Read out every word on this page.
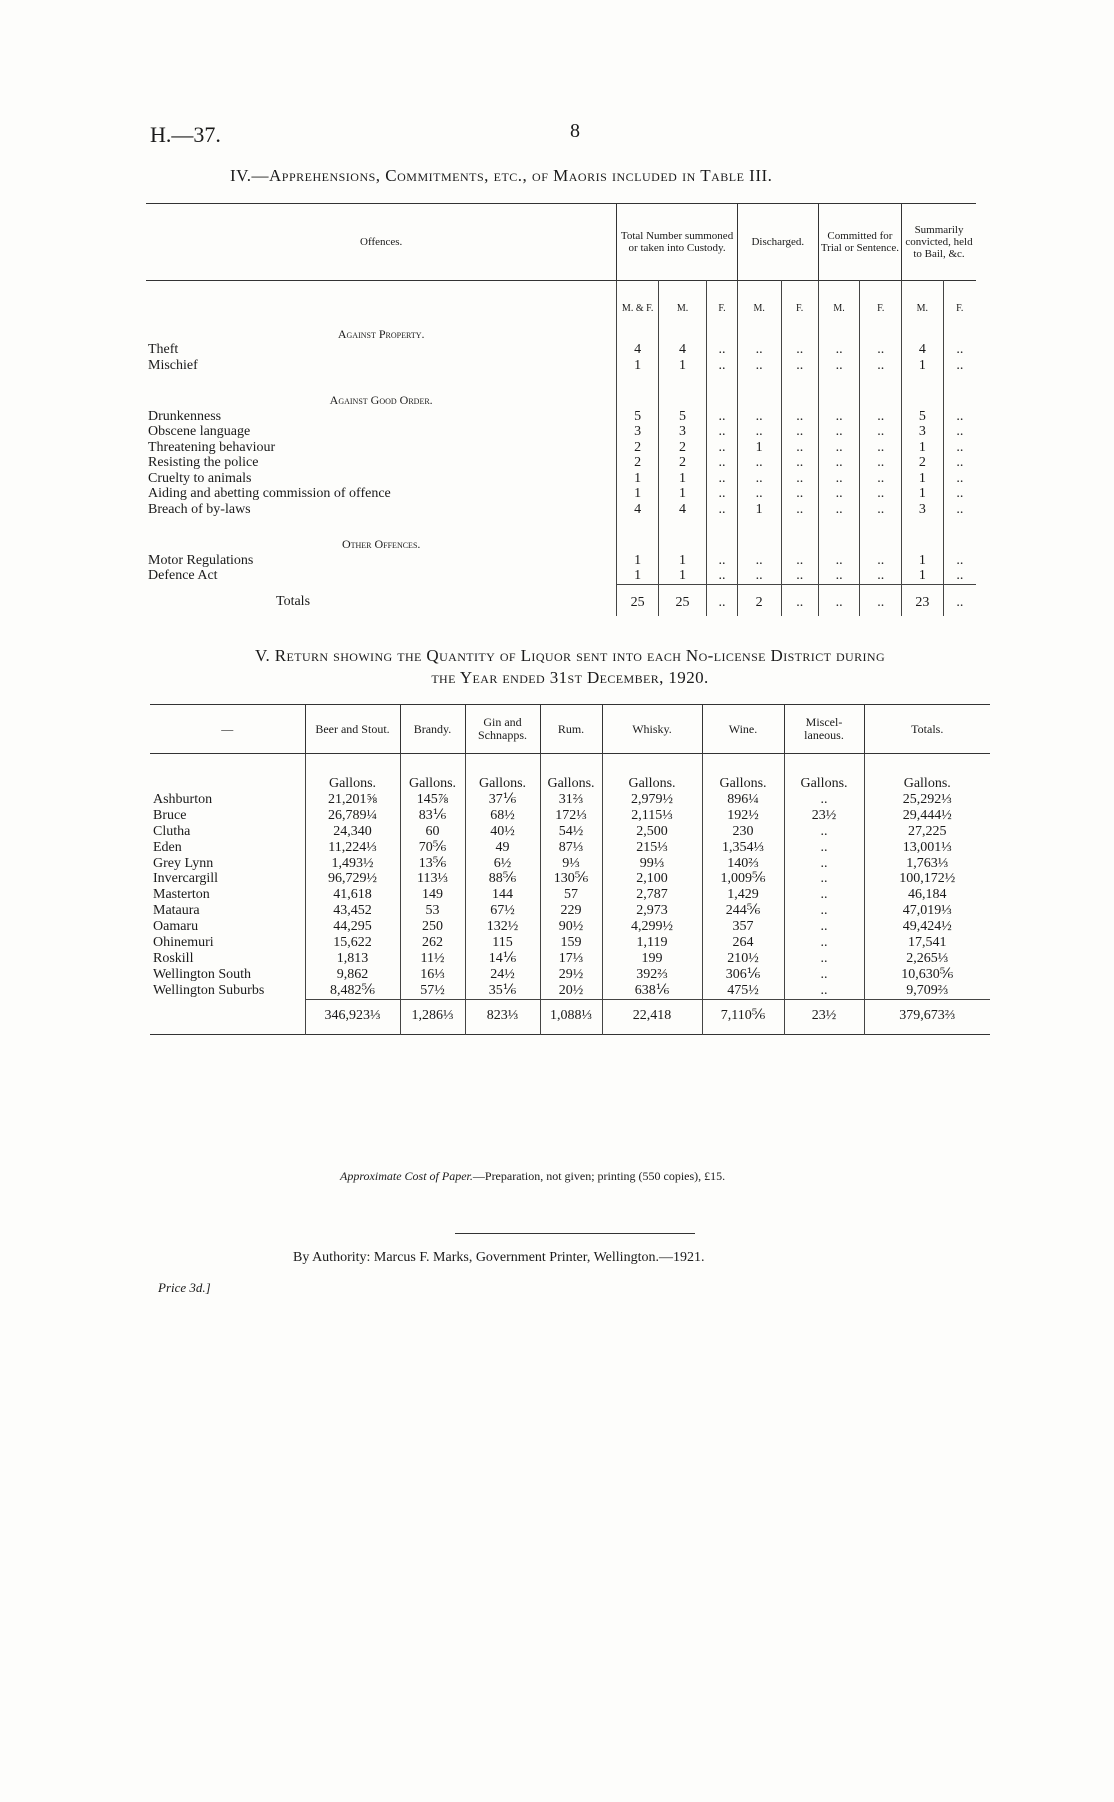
H.—37.	8
IV.—Apprehensions, Commitments, etc., of Maoris included in Table III.
Offences.	Total Number summoned or taken into Custody.			Discharged.		Committed for Trial or Sentence.		Summarily convicted, held to Bail, &c.	
	M. & F.	M.	F.	M.	F.	M.	F.	M.	F.
Against Property.									
Theft	4	4	..	..	..	..	..	4	..
Mischief	1	1	..	..	..	..	..	1	..

Against Good Order.									
Drunkenness	5	5	..	..	..	..	..	5	..
Obscene language	3	3	..	..	..	..	..	3	..
Threatening behaviour	2	2	..	1	..	..	..	1	..
Resisting the police	2	2	..	..	..	..	..	2	..
Cruelty to animals	1	1	..	..	..	..	..	1	..
Aiding and abetting commission of offence	1	1	..	..	..	..	..	1	..
Breach of by-laws	4	4	..	1	..	..	..	3	..

Other Offences.									
Motor Regulations	1	1	..	..	..	..	..	1	..
Defence Act	1	1	..	..	..	..	..	1	..
Totals	25	25	..	2	..	..	..	23	..
V. Return showing the Quantity of Liquor sent into each No-license District during
the Year ended 31st December, 1920.
—	Beer and Stout.	Brandy.	Gin and Schnapps.	Rum.	Whisky.	Wine.	Miscel-laneous.	Totals.
	Gallons.	Gallons.	Gallons.	Gallons.	Gallons.	Gallons.	Gallons.	Gallons.
Ashburton	21,201⅝	145⅞	37⅙	31⅔	2,979½	896¼	..	25,292⅓
Bruce	26,789¼	83⅙	68½	172⅓	2,115⅓	192½	23½	29,444½
Clutha	24,340	60	40½	54½	2,500	230	..	27,225
Eden	11,224⅓	70⅚	49	87⅓	215⅓	1,354⅓	..	13,001⅓
Grey Lynn	1,493½	13⅚	6½	9⅓	99⅓	140⅔	..	1,763⅓
Invercargill	96,729½	113⅓	88⅚	130⅚	2,100	1,009⅚	..	100,172½
Masterton	41,618	149	144	57	2,787	1,429	..	46,184
Mataura	43,452	53	67½	229	2,973	244⅚	..	47,019⅓
Oamaru	44,295	250	132½	90½	4,299½	357	..	49,424½
Ohinemuri	15,622	262	115	159	1,119	264	..	17,541
Roskill	1,813	11½	14⅙	17⅓	199	210½	..	2,265⅓
Wellington South	9,862	16⅓	24½	29½	392⅔	306⅙	..	10,630⅚
Wellington Suburbs	8,482⅚	57½	35⅙	20½	638⅙	475½	..	9,709⅔
	346,923⅓	1,286⅓	823⅓	1,088⅓	22,418	7,110⅚	23½	379,673⅔
Approximate Cost of Paper.—Preparation, not given; printing (550 copies), £15.
By Authority: Marcus F. Marks, Government Printer, Wellington.—1921.
Price 3d.]
